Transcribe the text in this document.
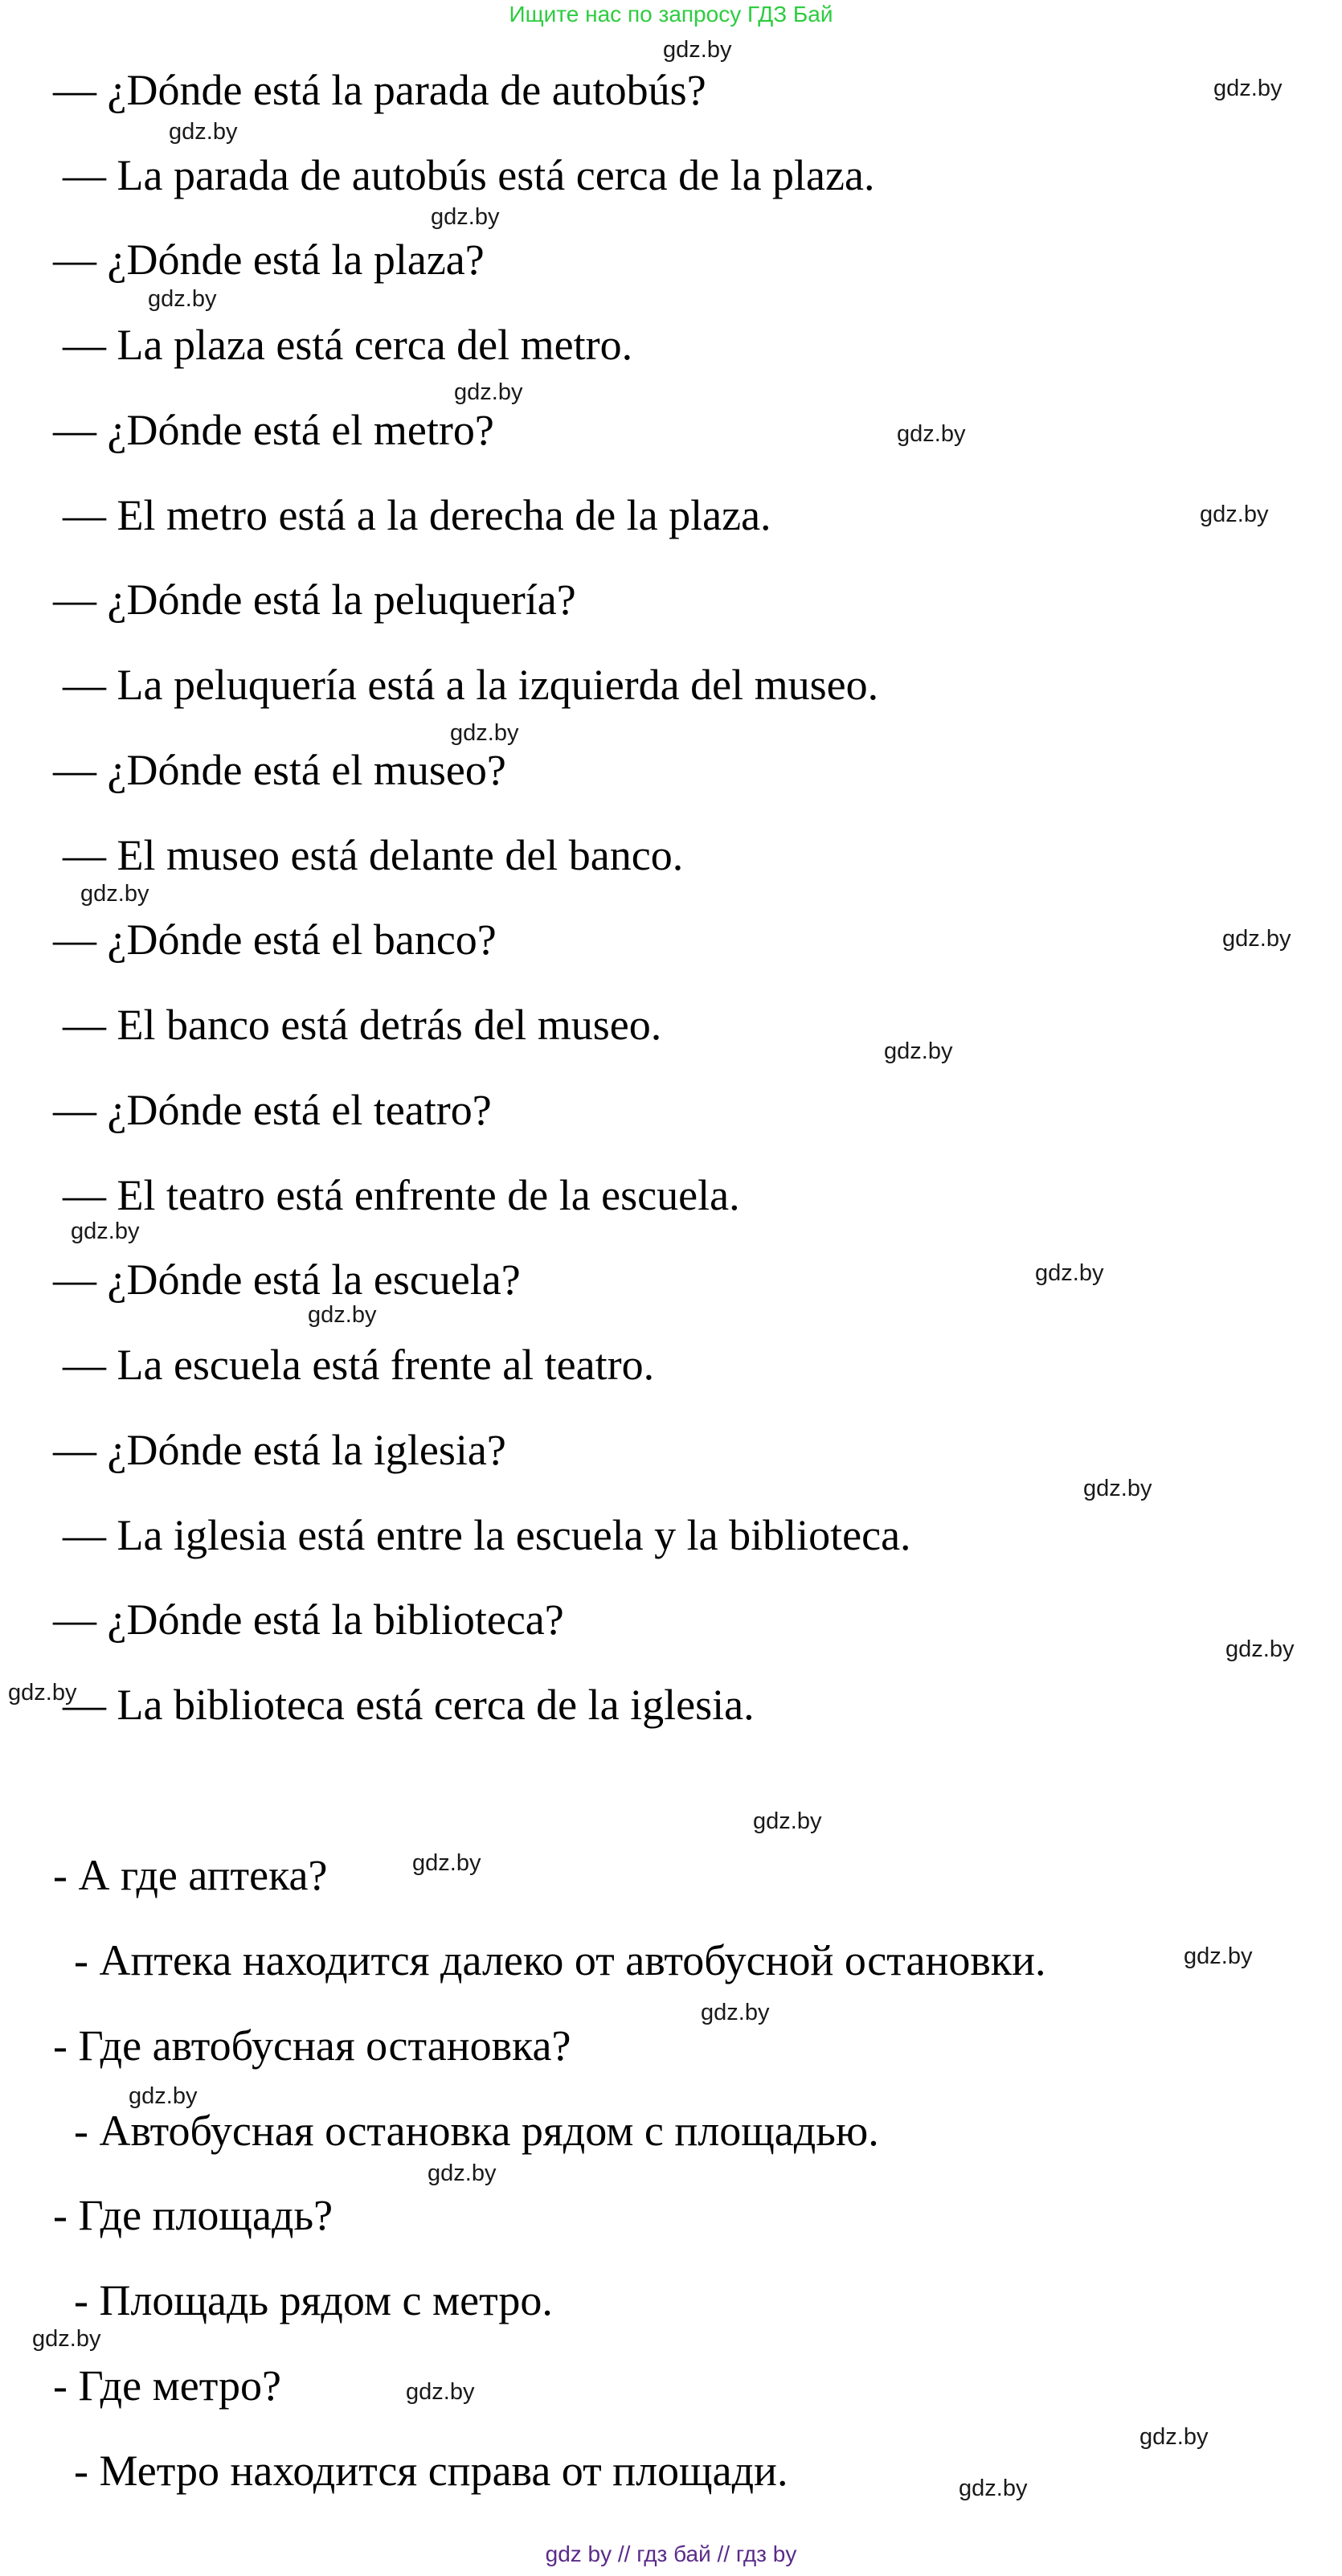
Ищите нас по запросу ГДЗ Бай
— ¿Dónde está la parada de autobús?
— La parada de autobús está cerca de la plaza.
— ¿Dónde está la plaza?
— La plaza está cerca del metro.
— ¿Dónde está el metro?
— El metro está a la derecha de la plaza.
— ¿Dónde está la peluquería?
— La peluquería está a la izquierda del museo.
— ¿Dónde está el museo?
— El museo está delante del banco.
— ¿Dónde está el banco?
— El banco está detrás del museo.
— ¿Dónde está el teatro?
— El teatro está enfrente de la escuela.
— ¿Dónde está la escuela?
— La escuela está frente al teatro.
— ¿Dónde está la iglesia?
— La iglesia está entre la escuela y la biblioteca.
— ¿Dónde está la biblioteca?
— La biblioteca está cerca de la iglesia.
- А где аптека?
- Аптека находится далеко от автобусной остановки.
- Где автобусная остановка?
- Автобусная остановка рядом с площадью.
- Где площадь?
- Площадь рядом с метро.
- Где метро?
- Метро находится справа от площади.
gdz.by
gdz.by
gdz.by
gdz.by
gdz.by
gdz.by
gdz.by
gdz.by
gdz.by
gdz.by
gdz.by
gdz.by
gdz.by
gdz.by
gdz.by
gdz.by
gdz.by
gdz.by
gdz.by
gdz.by
gdz.by
gdz.by
gdz.by
gdz.by
gdz.by
gdz.by
gdz.by
gdz.by
gdz by // гдз бай // гдз by
